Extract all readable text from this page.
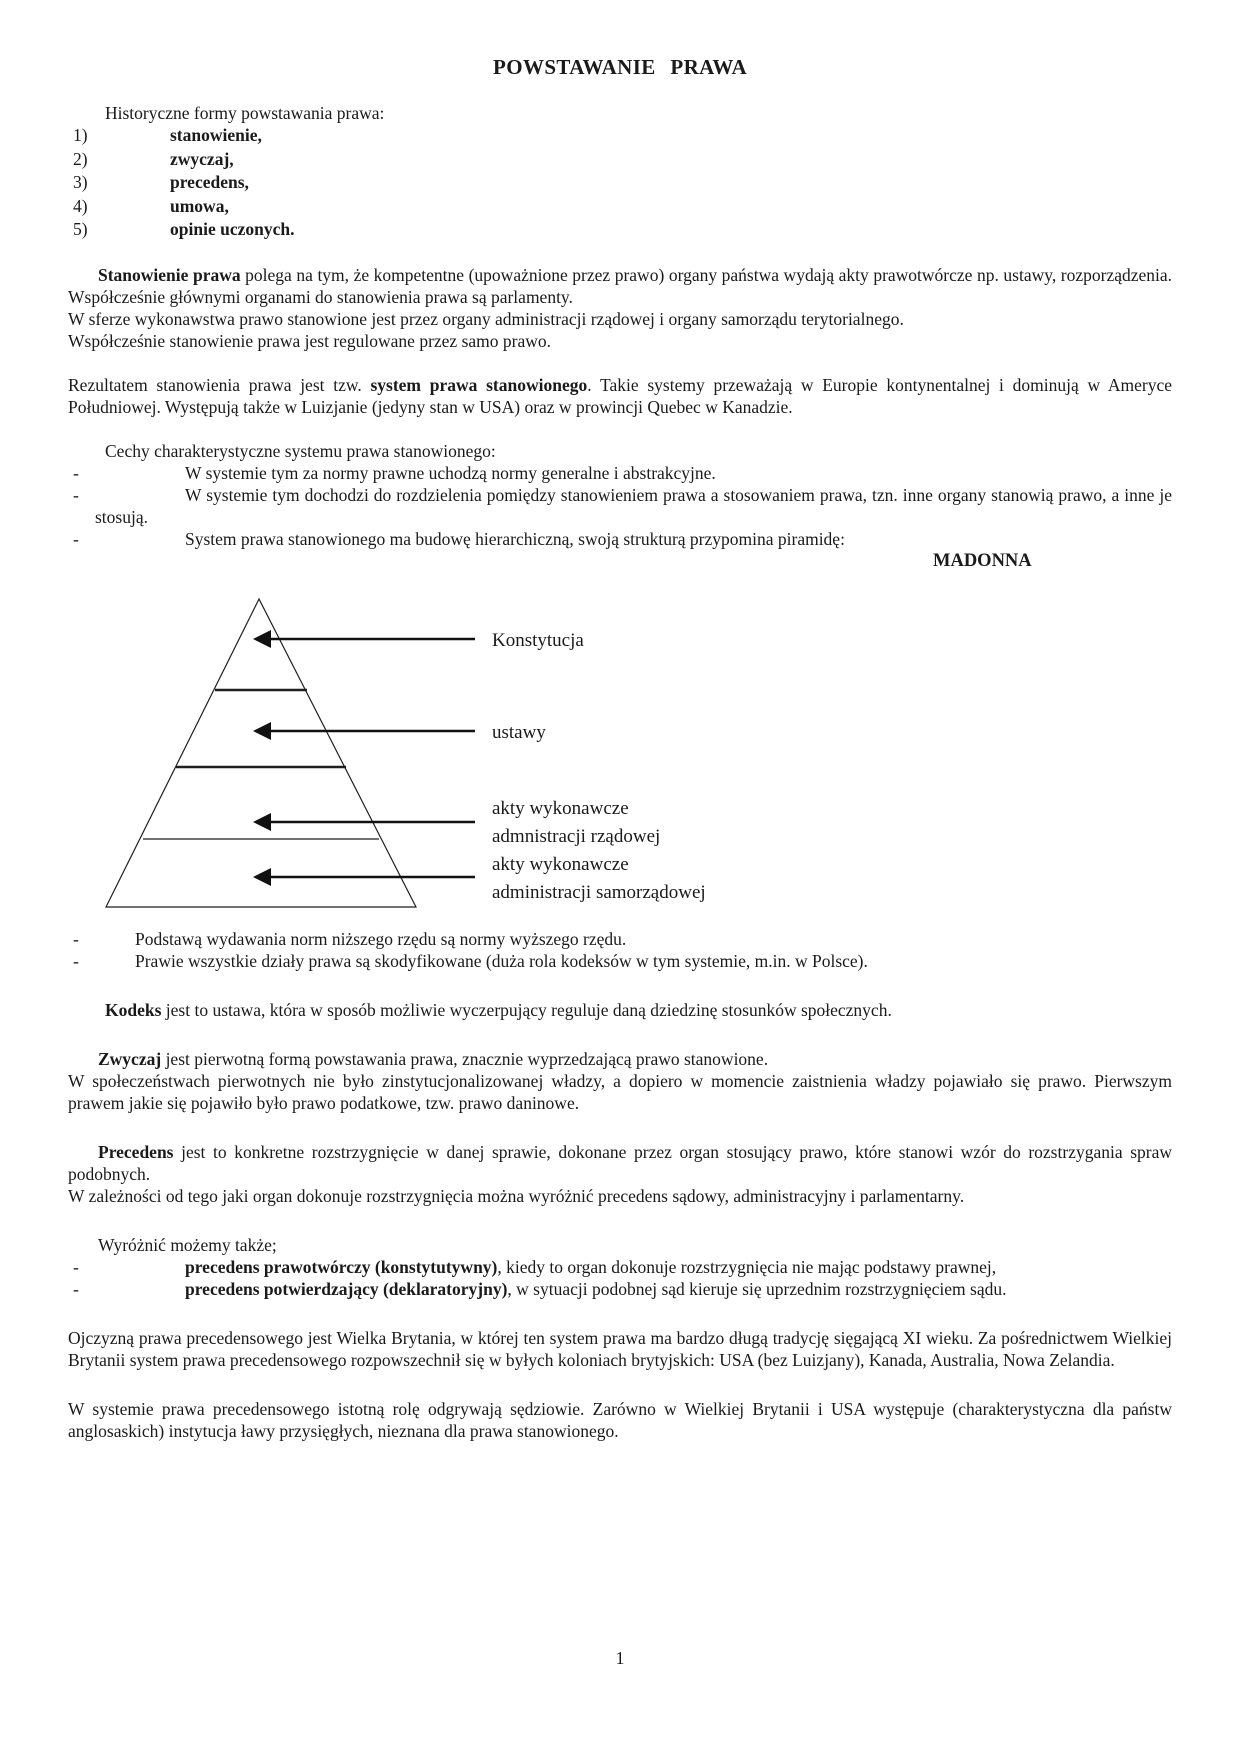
POWSTAWANIE PRAWA

Historyczne formy powstawania prawa:

1)	stanowienie,
2)	zwyczaj,
3)	precedens,
4)	umowa,
5)	opinie uczonych.

Stanowienie prawa polega na tym, że kompetentne (upoważnione przez prawo) organy państwa wydają akty prawotwórcze np. ustawy, rozporządzenia. Współcześnie głównymi organami do stanowienia prawa są parlamenty.

W sferze wykonawstwa prawo stanowione jest przez organy administracji rządowej i organy samorządu terytorialnego.

Współcześnie stanowienie prawa jest regulowane przez samo prawo.

Rezultatem stanowienia prawa jest tzw. system prawa stanowionego. Takie systemy przeważają w Europie kontynentalnej i dominują w Ameryce Południowej. Występują także w Luizjanie (jedyny stan w USA) oraz w prowincji Quebec w Kanadzie.

Cechy charakterystyczne systemu prawa stanowionego:

-	W systemie tym za normy prawne uchodzą normy generalne i abstrakcyjne.

-	W systemie tym dochodzi do rozdzielenia pomiędzy stanowieniem prawa a stosowaniem prawa, tzn. inne organy stanowią prawo, a inne je stosują.

-	System prawa stanowionego ma budowę hierarchiczną, swoją strukturą przypomina piramidę:

MADONNA

Konstytucja
ustawy
akty wykonawcze
admnistracji rządowej
akty wykonawcze
administracji samorządowej
-	Podstawą wydawania norm niższego rzędu są normy wyższego rzędu.

-	Prawie wszystkie działy prawa są skodyfikowane (duża rola kodeksów w tym systemie, m.in. w Polsce).

Kodeks jest to ustawa, która w sposób możliwie wyczerpujący reguluje daną dziedzinę stosunków społecznych.

Zwyczaj jest pierwotną formą powstawania prawa, znacznie wyprzedzającą prawo stanowione.

W społeczeństwach pierwotnych nie było zinstytucjonalizowanej władzy, a dopiero w momencie zaistnienia władzy pojawiało się prawo. Pierwszym prawem jakie się pojawiło było prawo podatkowe, tzw. prawo daninowe.

Precedens jest to konkretne rozstrzygnięcie w danej sprawie, dokonane przez organ stosujący prawo, które stanowi wzór do rozstrzygania spraw podobnych.

W zależności od tego jaki organ dokonuje rozstrzygnięcia można wyróżnić precedens sądowy, administracyjny i parlamentarny.

Wyróżnić możemy także;

-	precedens prawotwórczy (konstytutywny), kiedy to organ dokonuje rozstrzygnięcia nie mając podstawy prawnej,

-	precedens potwierdzający (deklaratoryjny), w sytuacji podobnej sąd kieruje się uprzednim rozstrzygnięciem sądu.

Ojczyzną prawa precedensowego jest Wielka Brytania, w której ten system prawa ma bardzo długą tradycję sięgającą XI wieku. Za pośrednictwem Wielkiej Brytanii system prawa precedensowego rozpowszechnił się w byłych koloniach brytyjskich: USA (bez Luizjany), Kanada, Australia, Nowa Zelandia.

W systemie prawa precedensowego istotną rolę odgrywają sędziowie. Zarówno w Wielkiej Brytanii i USA występuje (charakterystyczna dla państw anglosaskich) instytucja ławy przysięgłych, nieznana dla prawa stanowionego.

1
